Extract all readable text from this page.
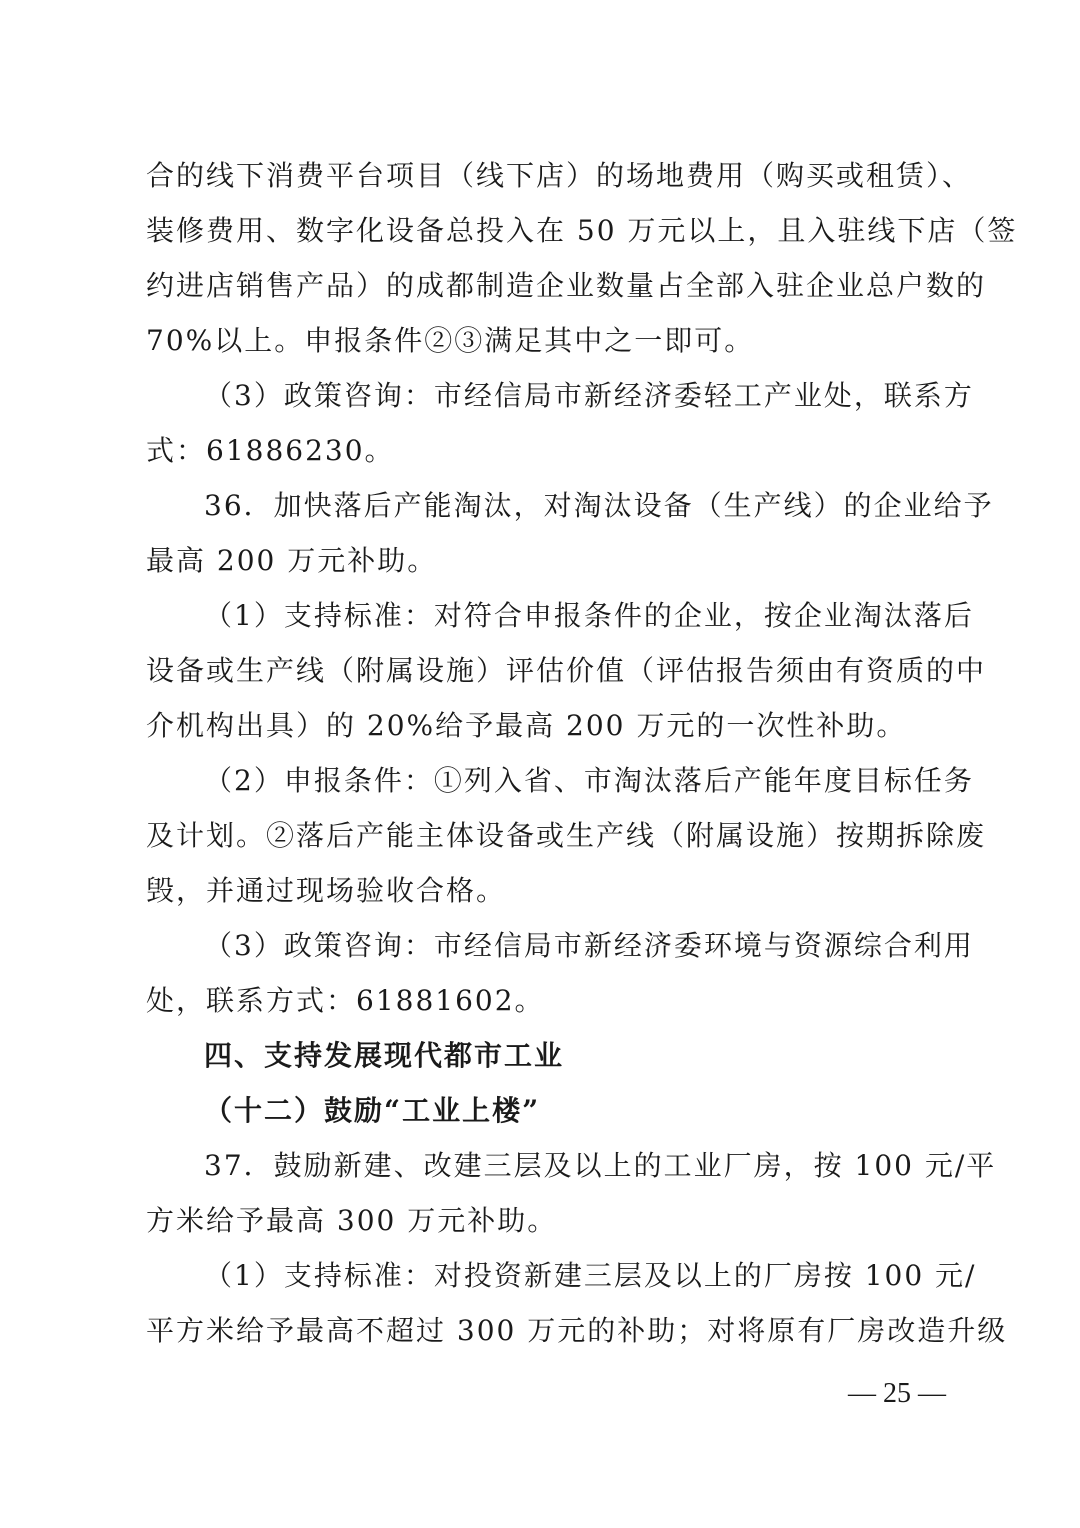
合的线下消费平台项目（线下店）的场地费用（购买或租赁）、
装修费用、数字化设备总投入在 50 万元以上，且入驻线下店（签
约进店销售产品）的成都制造企业数量占全部入驻企业总户数的
70%以上。申报条件②③满足其中之一即可。
（3）政策咨询：市经信局市新经济委轻工产业处，联系方
式：61886230。
36．加快落后产能淘汰，对淘汰设备（生产线）的企业给予
最高 200 万元补助。
（1）支持标准：对符合申报条件的企业，按企业淘汰落后
设备或生产线（附属设施）评估价值（评估报告须由有资质的中
介机构出具）的 20%给予最高 200 万元的一次性补助。
（2）申报条件：①列入省、市淘汰落后产能年度目标任务
及计划。②落后产能主体设备或生产线（附属设施）按期拆除废
毁，并通过现场验收合格。
（3）政策咨询：市经信局市新经济委环境与资源综合利用
处，联系方式：61881602。
四、支持发展现代都市工业
（十二）鼓励“工业上楼”
37．鼓励新建、改建三层及以上的工业厂房，按 100 元/平
方米给予最高 300 万元补助。
（1）支持标准：对投资新建三层及以上的厂房按 100 元/
平方米给予最高不超过 300 万元的补助；对将原有厂房改造升级
— 25 —
